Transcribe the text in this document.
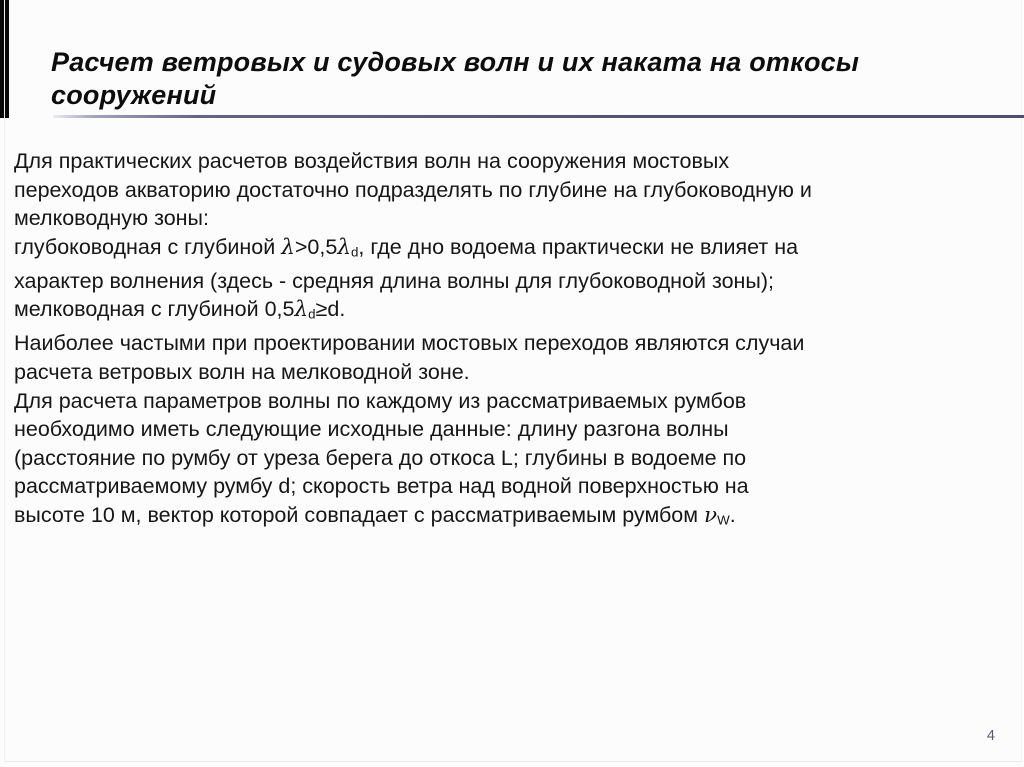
Расчет ветровых и судовых волн и их наката на откосы
сооружений
Для практических расчетов воздействия волн на сооружения мостовых
переходов акваторию достаточно подразделять по глубине на глубоководную и
мелководную зоны:
глубоководная с глубиной λ>0,5λd, где дно водоема практически не влияет на
характер волнения (здесь - средняя длина волны для глубоководной зоны);
мелководная с глубиной 0,5λd≥d.
Наиболее частыми при проектировании мостовых переходов являются случаи
расчета ветровых волн на мелководной зоне.
Для расчета параметров волны по каждому из рассматриваемых румбов
необходимо иметь следующие исходные данные: длину разгона волны
(расстояние по румбу от уреза берега до откоса L; глубины в водоеме по
рассматриваемому румбу d; скорость ветра над водной поверхностью на
высоте 10 м, вектор которой совпадает с рассматриваемым румбом νW.
4
